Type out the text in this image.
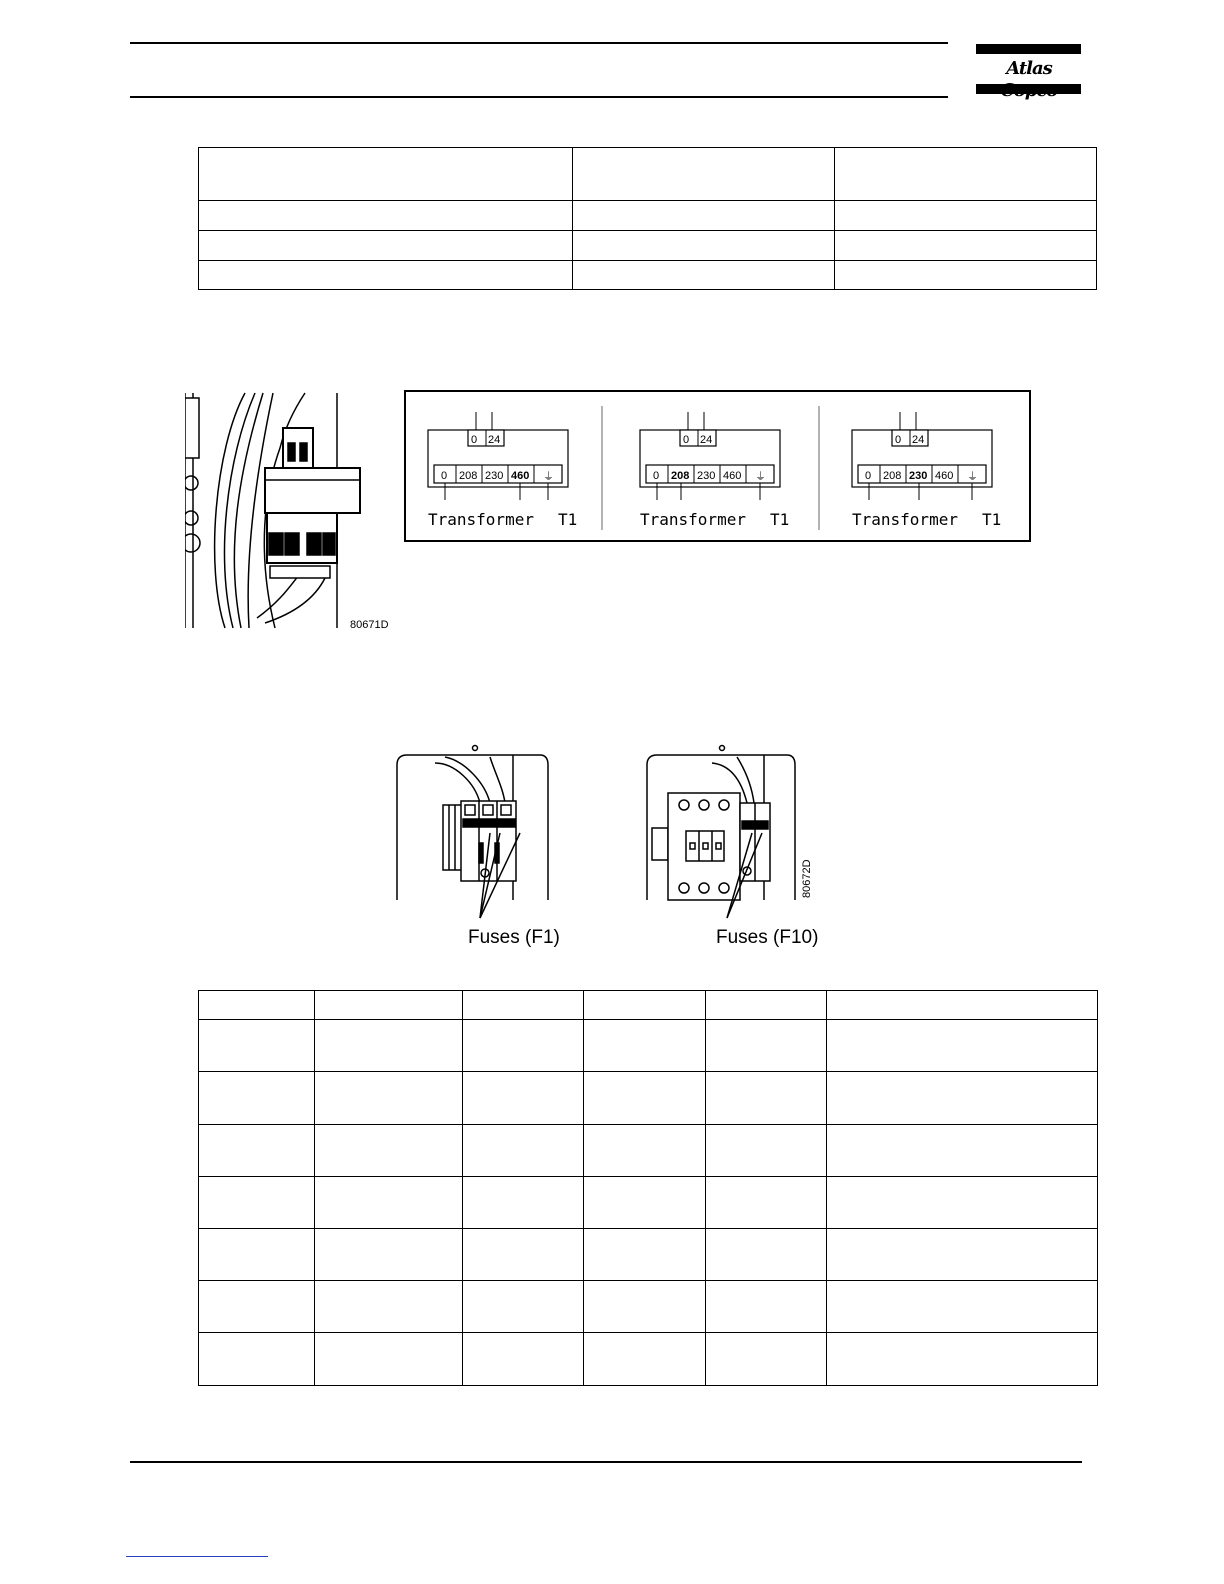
Atlas

80671D
0 24
0 208 230 460 ⏚
Transformer T1
0 24
0 208 230 460 ⏚
Transformer T1
0 24
0 208 230 460 ⏚
Transformer T1
Fuses (F1)
80672D
Fuses (F10)
